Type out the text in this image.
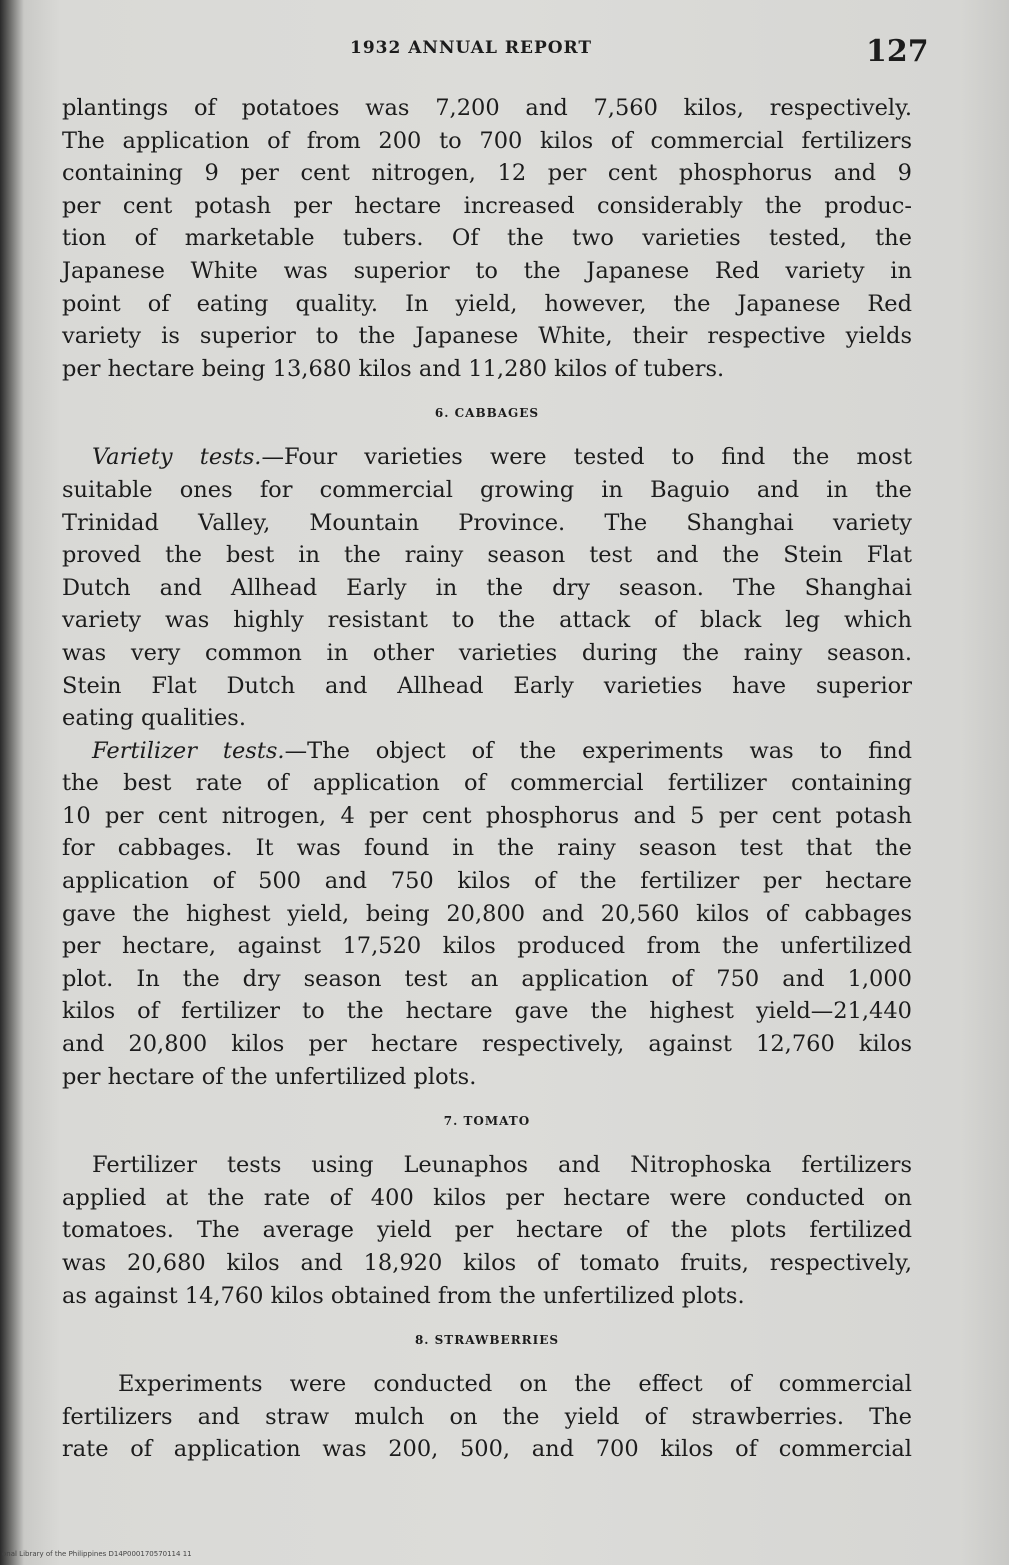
1932 ANNUAL REPORT	127
plantings of potatoes was 7,200 and 7,560 kilos, respectively.
The application of from 200 to 700 kilos of commercial fertilizers
containing 9 per cent nitrogen, 12 per cent phosphorus and 9
per cent potash per hectare increased considerably the produc-
tion of marketable tubers. Of the two varieties tested, the
Japanese White was superior to the Japanese Red variety in
point of eating quality. In yield, however, the Japanese Red
variety is superior to the Japanese White, their respective yields
per hectare being 13,680 kilos and 11,280 kilos of tubers.
6. CABBAGES
Variety tests.—Four varieties were tested to find the most
suitable ones for commercial growing in Baguio and in the
Trinidad Valley, Mountain Province. The Shanghai variety
proved the best in the rainy season test and the Stein Flat
Dutch and Allhead Early in the dry season. The Shanghai
variety was highly resistant to the attack of black leg which
was very common in other varieties during the rainy season.
Stein Flat Dutch and Allhead Early varieties have superior
eating qualities.
Fertilizer tests.—The object of the experiments was to find
the best rate of application of commercial fertilizer containing
10 per cent nitrogen, 4 per cent phosphorus and 5 per cent potash
for cabbages. It was found in the rainy season test that the
application of 500 and 750 kilos of the fertilizer per hectare
gave the highest yield, being 20,800 and 20,560 kilos of cabbages
per hectare, against 17,520 kilos produced from the unfertilized
plot. In the dry season test an application of 750 and 1,000
kilos of fertilizer to the hectare gave the highest yield—21,440
and 20,800 kilos per hectare respectively, against 12,760 kilos
per hectare of the unfertilized plots.
7. TOMATO
Fertilizer tests using Leunaphos and Nitrophoska fertilizers
applied at the rate of 400 kilos per hectare were conducted on
tomatoes. The average yield per hectare of the plots fertilized
was 20,680 kilos and 18,920 kilos of tomato fruits, respectively,
as against 14,760 kilos obtained from the unfertilized plots.
8. STRAWBERRIES
Experiments were conducted on the effect of commercial
fertilizers and straw mulch on the yield of strawberries. The
rate of application was 200, 500, and 700 kilos of commercial
onal Library of the Philippines D14P000170570114 11
